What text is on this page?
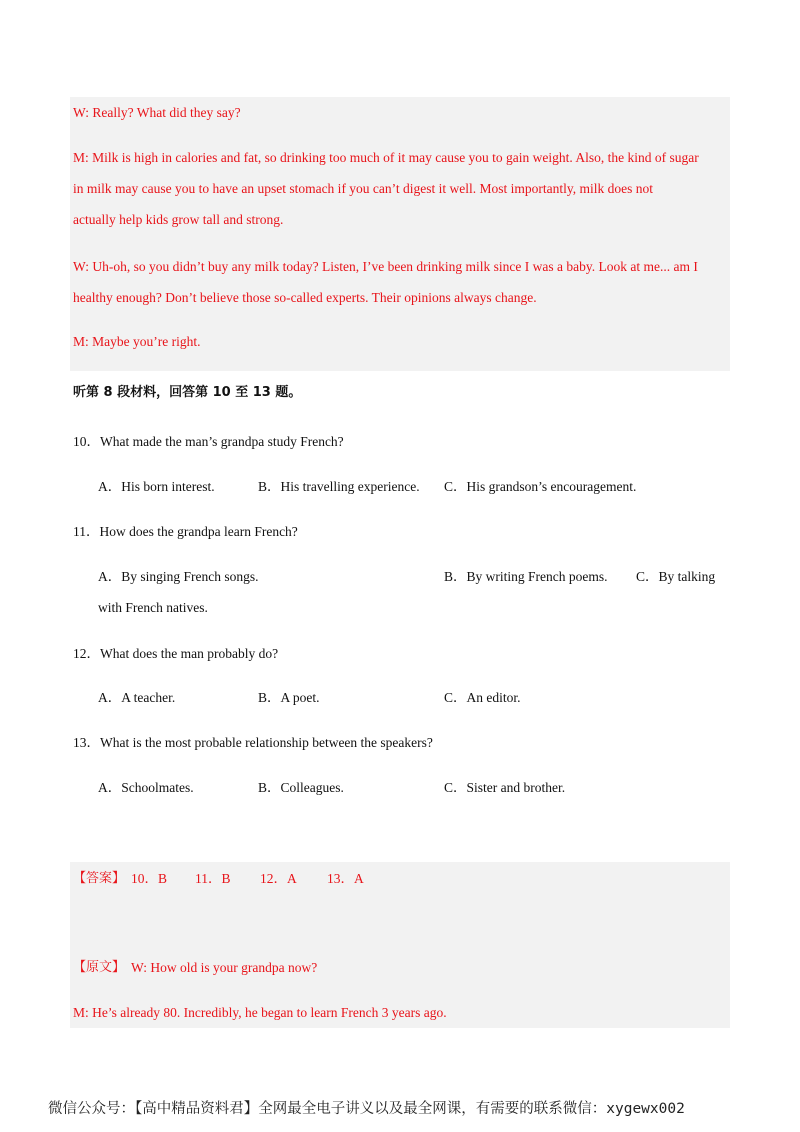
W: Really? What did they say?
M: Milk is high in calories and fat, so drinking too much of it may cause you to gain weight. Also, the kind of sugar
in milk may cause you to have an upset stomach if you can’t digest it well. Most importantly, milk does not
actually help kids grow tall and strong.
W: Uh-oh, so you didn’t buy any milk today? Listen, I’ve been drinking milk since I was a baby. Look at me... am I
healthy enough? Don’t believe those so-called experts. Their opinions always change.
M: Maybe you’re right.
听第 8 段材料，回答第 10 至 13 题。
10．What made the man’s grandpa study French?
A．His born interest.	B．His travelling experience. C．His grandson’s encouragement.
11．How does the grandpa learn French?
A．By singing French songs.	B．By writing French poems. C．By talking
with French natives.
12．What does the man probably do?
A．A teacher.	B．A poet.	C．An editor.
13．What is the most probable relationship between the speakers?
A．Schoolmates.	B．Colleagues.	C．Sister and brother.
【答案】 10．B 11．B 12．A 13．A
【原文】 W: How old is your grandpa now?
M: He’s already 80. Incredibly, he began to learn French 3 years ago.
微信公众号：【高中精品资料君】全网最全电子讲义以及最全网课，有需要的联系微信：xygewx002
